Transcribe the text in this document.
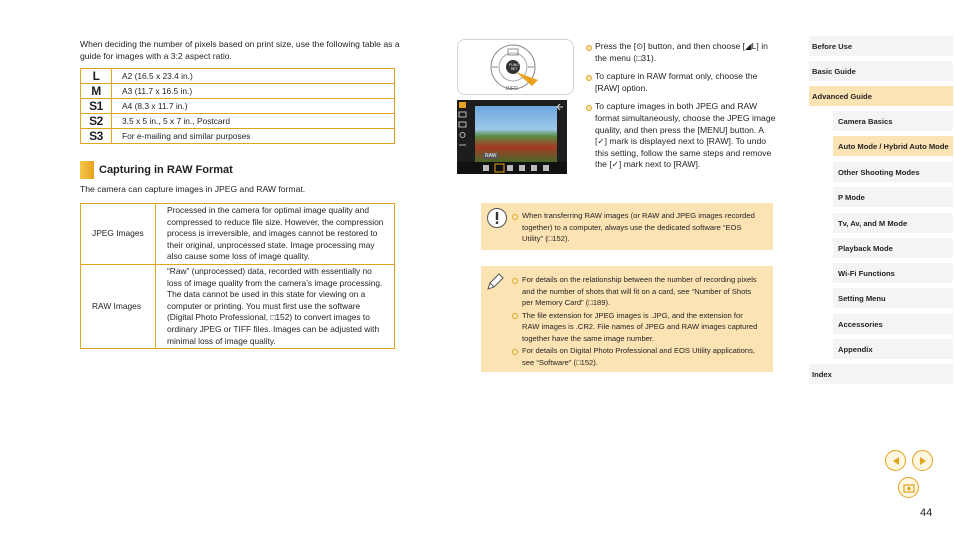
When deciding the number of pixels based on print size, use the following table as a guide for images with a 3:2 aspect ratio.
L	A2 (16.5 x 23.4 in.)
M	A3 (11.7 x 16.5 in.)
S1	A4 (8.3 x 11.7 in.)
S2	3.5 x 5 in., 5 x 7 in., Postcard
S3	For e-mailing and similar purposes
Capturing in RAW Format
The camera can capture images in JPEG and RAW format.
JPEG Images	Processed in the camera for optimal image quality and compressed to reduce file size. However, the compression process is irreversible, and images cannot be restored to their original, unprocessed state. Image processing may also cause some loss of image quality.
RAW Images	“Raw” (unprocessed) data, recorded with essentially no loss of image quality from the camera’s image processing. The data cannot be used in this state for viewing on a computer or printing. You must first use the software (Digital Photo Professional, □152) to convert images to ordinary JPEG or TIFF files. Images can be adjusted with minimal loss of image quality.
FUNC SET
INFO
RAW
Press the [⊙] button, and then choose [◢L] in the menu (□31).
To capture in RAW format only, choose the [RAW] option.
To capture images in both JPEG and RAW format simultaneously, choose the JPEG image quality, and then press the [MENU] button. A [✓] mark is displayed next to [RAW]. To undo this setting, follow the same steps and remove the [✓] mark next to [RAW].
When transferring RAW images (or RAW and JPEG images recorded together) to a computer, always use the dedicated software “EOS Utility” (□152).
For details on the relationship between the number of recording pixels and the number of shots that will fit on a card, see “Number of Shots per Memory Card” (□189).
The file extension for JPEG images is .JPG, and the extension for RAW images is .CR2. File names of JPEG and RAW images captured together have the same image number.
For details on Digital Photo Professional and EOS Utility applications, see “Software” (□152).
Before Use
Basic Guide
Advanced Guide
Camera Basics
Auto Mode / Hybrid Auto Mode
Other Shooting Modes
P Mode
Tv, Av, and M Mode
Playback Mode
Wi-Fi Functions
Setting Menu
Accessories
Appendix
Index
44
